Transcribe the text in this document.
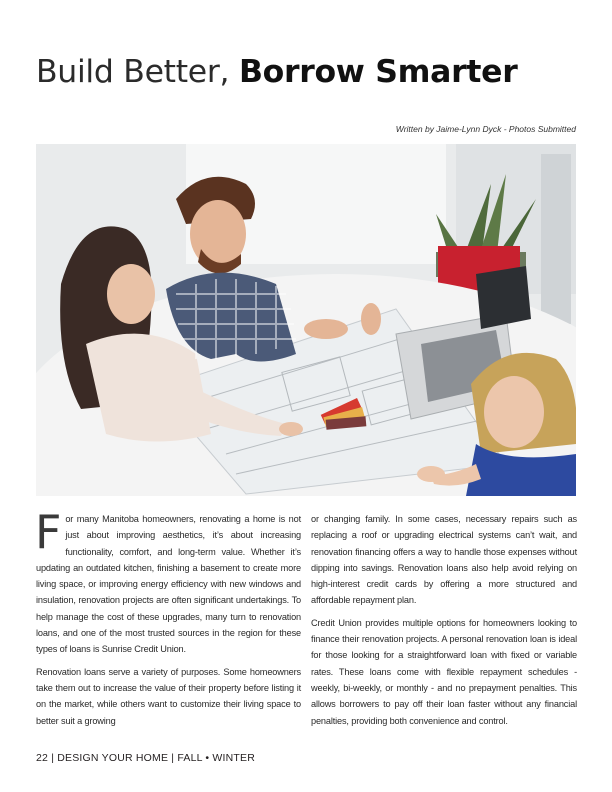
Build Better, Borrow Smarter
Written by Jaime-Lynn Dyck - Photos Submitted

For many Manitoba homeowners, renovating a home is not just about improving aesthetics, it’s about increasing functionality, comfort, and long-term value. Whether it’s updating an outdated kitchen, finishing a basement to create more living space, or improving energy efficiency with new windows and insulation, renovation projects are often significant undertakings. To help manage the cost of these upgrades, many turn to renovation loans, and one of the most trusted sources in the region for these types of loans is Sunrise Credit Union.

Renovation loans serve a variety of purposes. Some homeowners take them out to increase the value of their property before listing it on the market, while others want to customize their living space to better suit a growing

or changing family. In some cases, necessary repairs such as replacing a roof or upgrading electrical systems can’t wait, and renovation financing offers a way to handle those expenses without dipping into savings. Renovation loans also help avoid relying on high-interest credit cards by offering a more structured and affordable repayment plan.

Credit Union provides multiple options for homeowners looking to finance their renovation projects. A personal renovation loan is ideal for those looking for a straightforward loan with fixed or variable rates. These loans come with flexible repayment schedules - weekly, bi-weekly, or monthly - and no prepayment penalties. This allows borrowers to pay off their loan faster without any financial penalties, providing both convenience and control.

22 | DESIGN YOUR HOME | FALL • WINTER
